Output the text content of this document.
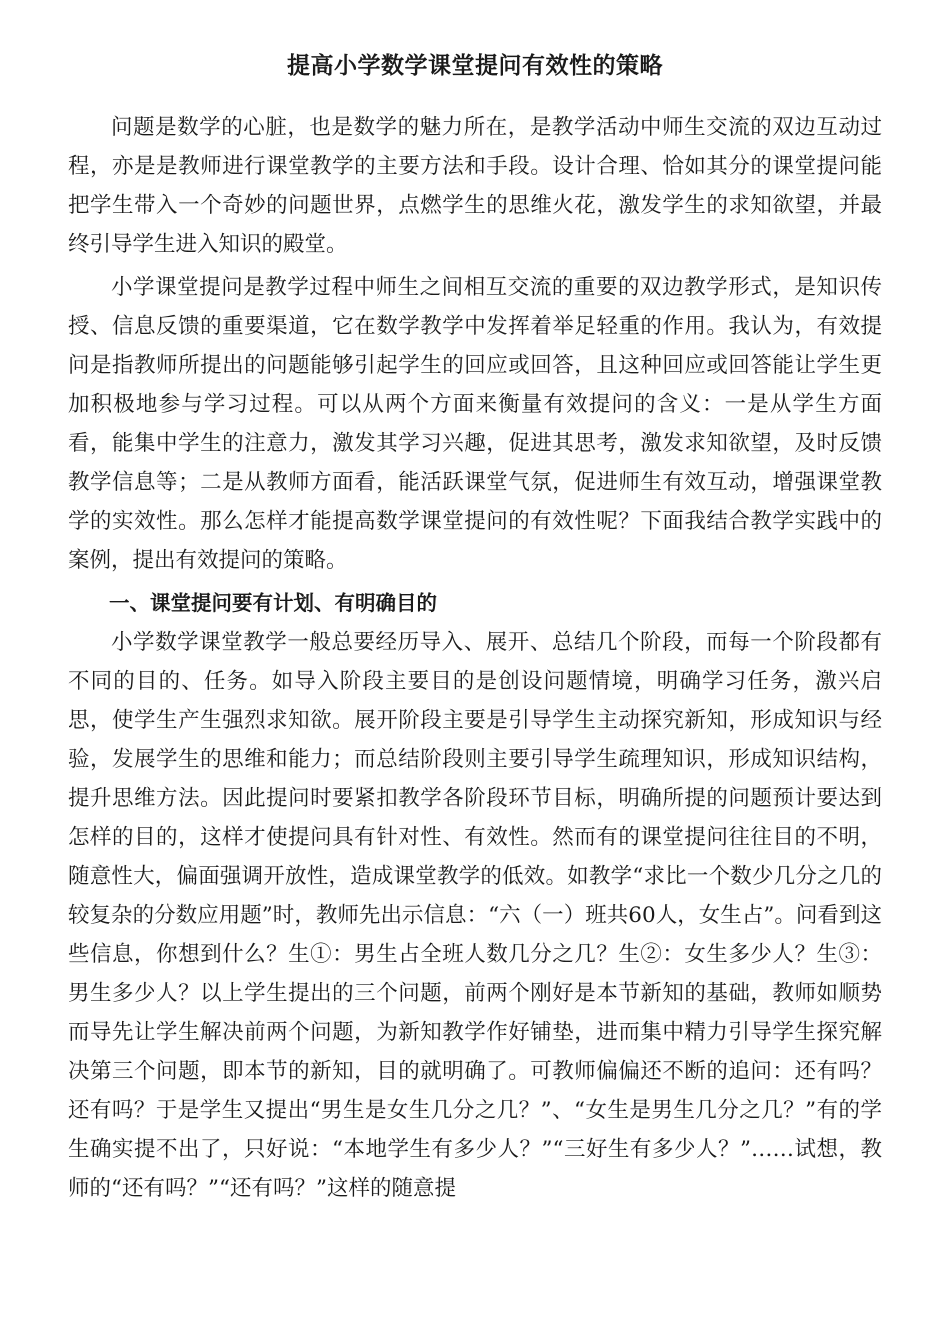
提高小学数学课堂提问有效性的策略

问题是数学的心脏，也是数学的魅力所在，是教学活动中师生交流的双边互动过程，亦是是教师进行课堂教学的主要方法和手段。设计合理、恰如其分的课堂提问能把学生带入一个奇妙的问题世界，点燃学生的思维火花，激发学生的求知欲望，并最终引导学生进入知识的殿堂。

小学课堂提问是教学过程中师生之间相互交流的重要的双边教学形式，是知识传授、信息反馈的重要渠道，它在数学教学中发挥着举足轻重的作用。我认为，有效提问是指教师所提出的问题能够引起学生的回应或回答，且这种回应或回答能让学生更加积极地参与学习过程。可以从两个方面来衡量有效提问的含义：一是从学生方面看，能集中学生的注意力，激发其学习兴趣，促进其思考，激发求知欲望，及时反馈教学信息等；二是从教师方面看，能活跃课堂气氛，促进师生有效互动，增强课堂教学的实效性。那么怎样才能提高数学课堂提问的有效性呢？下面我结合教学实践中的案例，提出有效提问的策略。

一、课堂提问要有计划、有明确目的

小学数学课堂教学一般总要经历导入、展开、总结几个阶段，而每一个阶段都有不同的目的、任务。如导入阶段主要目的是创设问题情境，明确学习任务，激兴启思，使学生产生强烈求知欲。展开阶段主要是引导学生主动探究新知，形成知识与经验，发展学生的思维和能力；而总结阶段则主要引导学生疏理知识，形成知识结构，提升思维方法。因此提问时要紧扣教学各阶段环节目标，明确所提的问题预计要达到怎样的目的，这样才使提问具有针对性、有效性。然而有的课堂提问往往目的不明，随意性大，偏面强调开放性，造成课堂教学的低效。如教学“求比一个数少几分之几的较复杂的分数应用题”时，教师先出示信息：“六（一）班共60人，女生占”。问看到这些信息，你想到什么？生①：男生占全班人数几分之几？生②：女生多少人？生③：男生多少人？以上学生提出的三个问题，前两个刚好是本节新知的基础，教师如顺势而导先让学生解决前两个问题，为新知教学作好铺垫，进而集中精力引导学生探究解决第三个问题，即本节的新知，目的就明确了。可教师偏偏还不断的追问：还有吗？还有吗？于是学生又提出“男生是女生几分之几？”、“女生是男生几分之几？”有的学生确实提不出了，只好说：“本地学生有多少人？”“三好生有多少人？”……试想，教师的“还有吗？”“还有吗？”这样的随意提
